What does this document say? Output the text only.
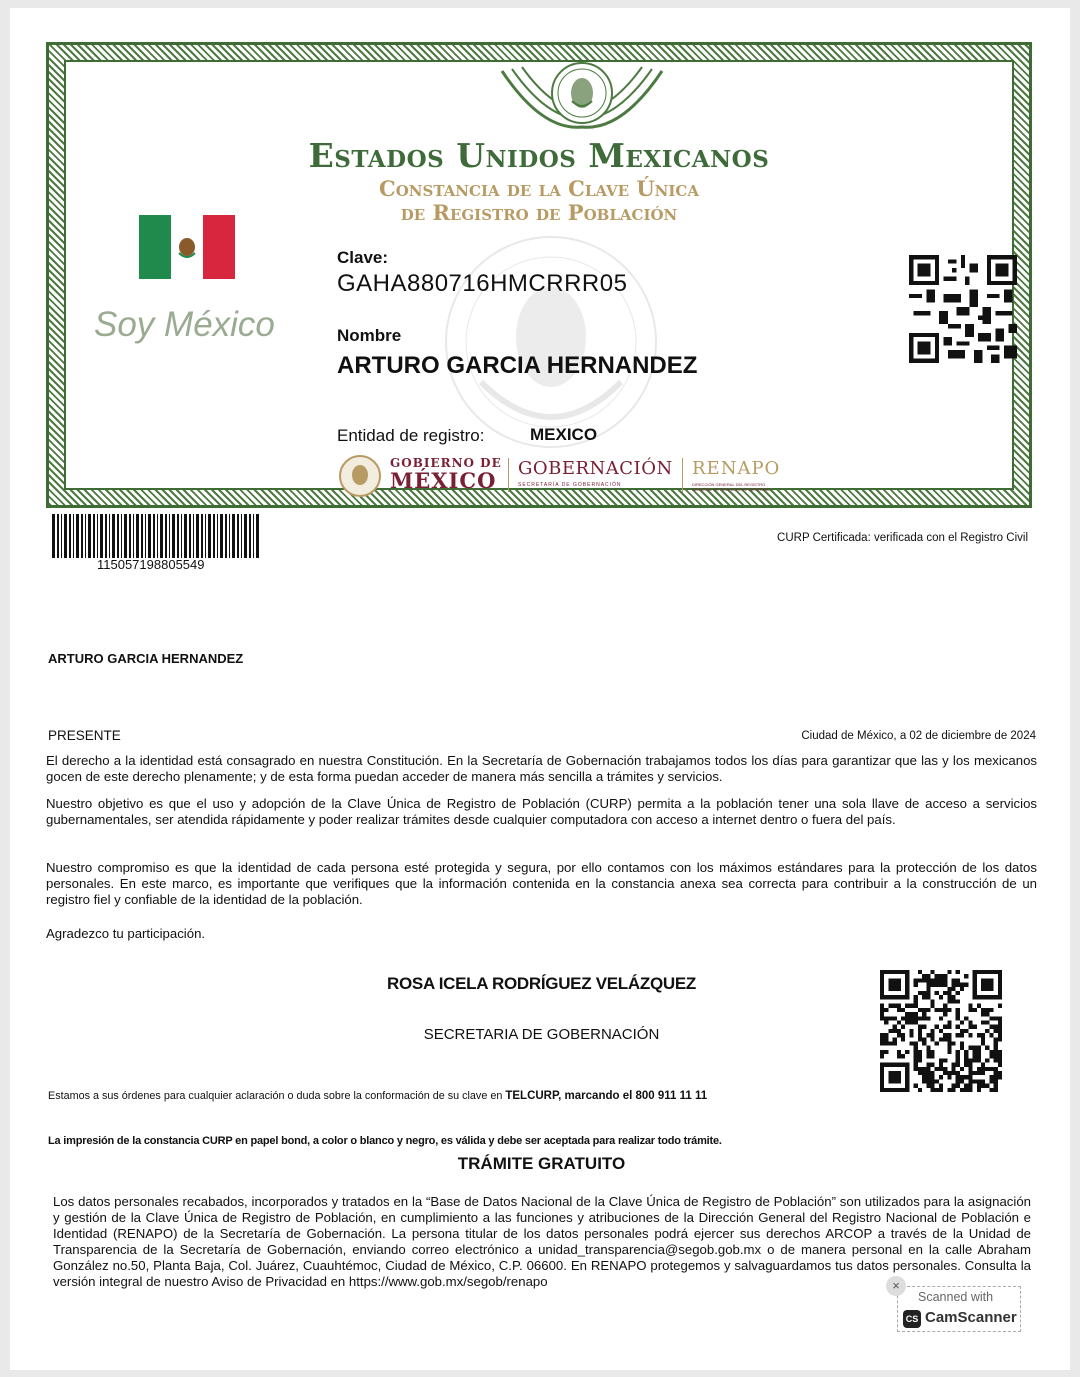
Estados Unidos Mexicanos
Constancia de la Clave Única
de Registro de Población
Soy México
Clave:
GAHA880716HMCRRR05
Nombre
ARTURO GARCIA HERNANDEZ
Entidad de registro:	MEXICO
GOBIERNO DE
MÉXICO GOBERNACIÓN
SECRETARÍA DE GOBERNACIÓN
RENAPO
DIRECCIÓN GENERAL DEL REGISTRO NACIONAL DE POBLACIÓN E IDENTIDAD
115057198805549
CURP Certificada: verificada con el Registro Civil
ARTURO GARCIA HERNANDEZ
PRESENTE	Ciudad de México, a 02 de diciembre de 2024
El derecho a la identidad está consagrado en nuestra Constitución. En la Secretaría de Gobernación trabajamos todos los días para garantizar que las y los mexicanos gocen de este derecho plenamente; y de esta forma puedan acceder de manera más sencilla a trámites y servicios.
Nuestro objetivo es que el uso y adopción de la Clave Única de Registro de Población (CURP) permita a la población tener una sola llave de acceso a servicios gubernamentales, ser atendida rápidamente y poder realizar trámites desde cualquier computadora con acceso a internet dentro o fuera del país.
Nuestro compromiso es que la identidad de cada persona esté protegida y segura, por ello contamos con los máximos estándares para la protección de los datos personales. En este marco, es importante que verifiques que la información contenida en la constancia anexa sea correcta para contribuir a la construcción de un registro fiel y confiable de la identidad de la población.
Agradezco tu participación.
ROSA ICELA RODRÍGUEZ VELÁZQUEZ
SECRETARIA DE GOBERNACIÓN
Estamos a sus órdenes para cualquier aclaración o duda sobre la conformación de su clave en TELCURP, marcando el 800 911 11 11
La impresión de la constancia CURP en papel bond, a color o blanco y negro, es válida y debe ser aceptada para realizar todo trámite.
TRÁMITE GRATUITO
Los datos personales recabados, incorporados y tratados en la “Base de Datos Nacional de la Clave Única de Registro de Población” son utilizados para la asignación y gestión de la Clave Única de Registro de Población, en cumplimiento a las funciones y atribuciones de la Dirección General del Registro Nacional de Población e Identidad (RENAPO) de la Secretaría de Gobernación. La persona titular de los datos personales podrá ejercer sus derechos ARCOP a través de la Unidad de Transparencia de la Secretaría de Gobernación, enviando correo electrónico a unidad_transparencia@segob.gob.mx o de manera personal en la calle Abraham González no.50, Planta Baja, Col. Juárez, Cuauhtémoc, Ciudad de México, C.P. 06600. En RENAPO protegemos y salvaguardamos tus datos personales. Consulta la versión integral de nuestro Aviso de Privacidad en https://www.gob.mx/segob/renapo
Scanned with
CS CamScanner
×
